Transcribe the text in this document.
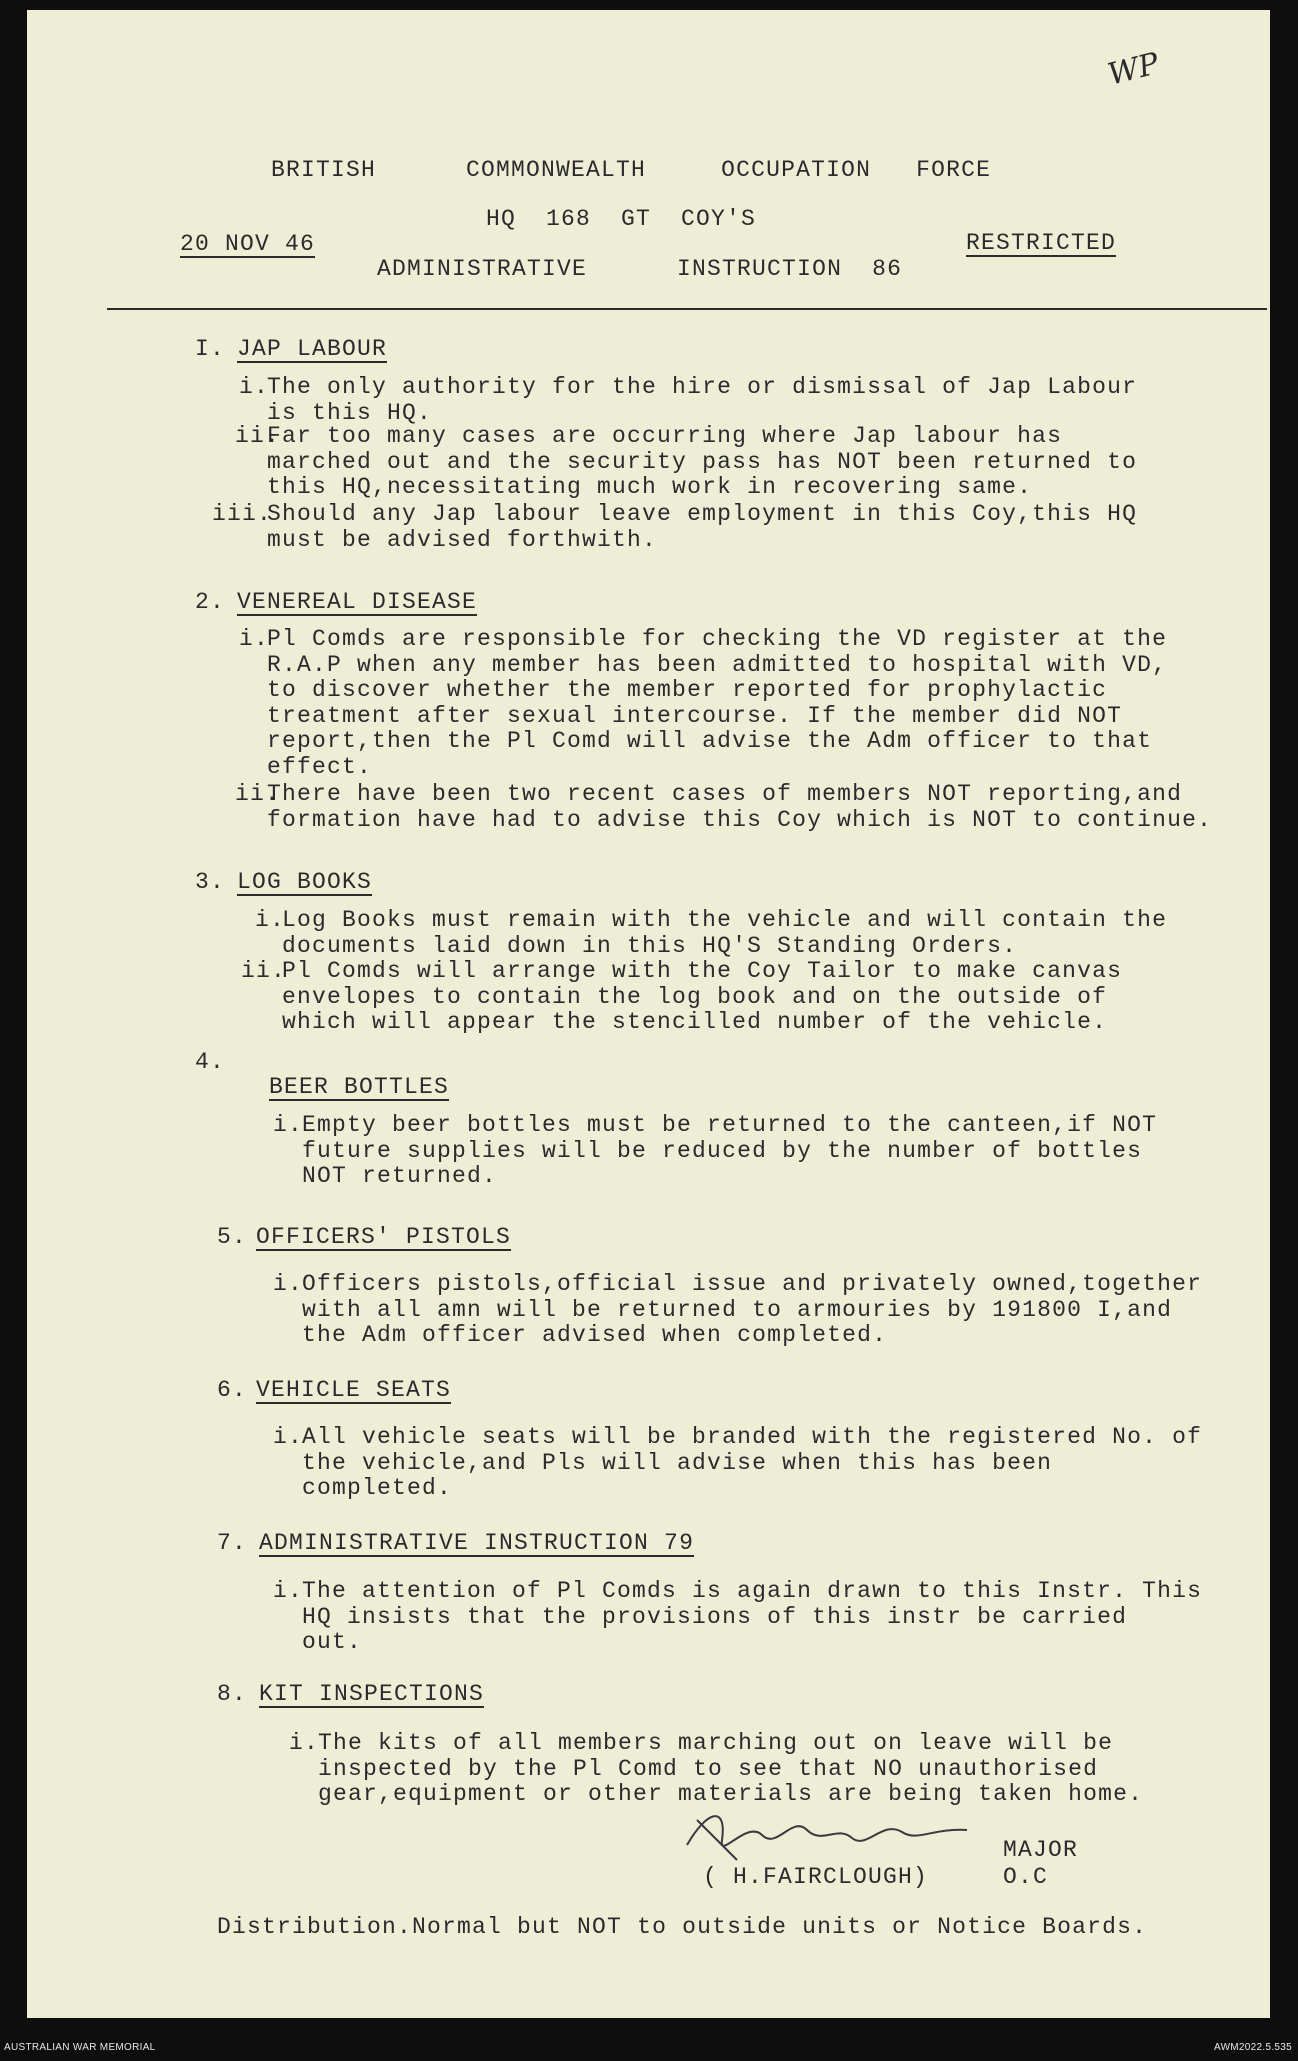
WP
BRITISH      COMMONWEALTH     OCCUPATION   FORCE
HQ  168  GT  COY'S
20 NOV 46	RESTRICTED
ADMINISTRATIVE      INSTRUCTION  86
I. JAP LABOUR
i.
The only authority for the hire or dismissal of Jap Labour
is this HQ.
ii.
Far too many cases are occurring where Jap labour has
marched out and the security pass has NOT been returned to
this HQ,necessitating much work in recovering same.
iii.
Should any Jap labour leave employment in this Coy,this HQ
must be advised forthwith.
2. VENEREAL DISEASE
i.
Pl Comds are responsible for checking the VD register at the
R.A.P when any member has been admitted to hospital with VD,
to discover whether the member reported for prophylactic
treatment after sexual intercourse. If the member did NOT
report,then the Pl Comd will advise the Adm officer to that
effect.
ii.
There have been two recent cases of members NOT reporting,and
formation have had to advise this Coy which is NOT to continue.
3. LOG BOOKS
i.
Log Books must remain with the vehicle and will contain the
documents laid down in this HQ'S Standing Orders.
ii.
Pl Comds will arrange with the Coy Tailor to make canvas
envelopes to contain the log book and on the outside of
which will appear the stencilled number of the vehicle.
4.
BEER BOTTLES
i.
Empty beer bottles must be returned to the canteen,if NOT
future supplies will be reduced by the number of bottles
NOT returned.
5. OFFICERS' PISTOLS
i.
Officers pistols,official issue and privately owned,together
with all amn will be returned to armouries by 191800 I,and
the Adm officer advised when completed.
6. VEHICLE SEATS
i.
All vehicle seats will be branded with the registered No. of
the vehicle,and Pls will advise when this has been
completed.
7. ADMINISTRATIVE INSTRUCTION 79
i.
The attention of Pl Comds is again drawn to this Instr. This
HQ insists that the provisions of this instr be carried
out.
8. KIT INSPECTIONS
i.
The kits of all members marching out on leave will be
inspected by the Pl Comd to see that NO unauthorised
gear,equipment or other materials are being taken home.
MAJOR
( H.FAIRCLOUGH)	O.C
Distribution.Normal but NOT to outside units or Notice Boards.
AUSTRALIAN WAR MEMORIAL	AWM2022.5.535
